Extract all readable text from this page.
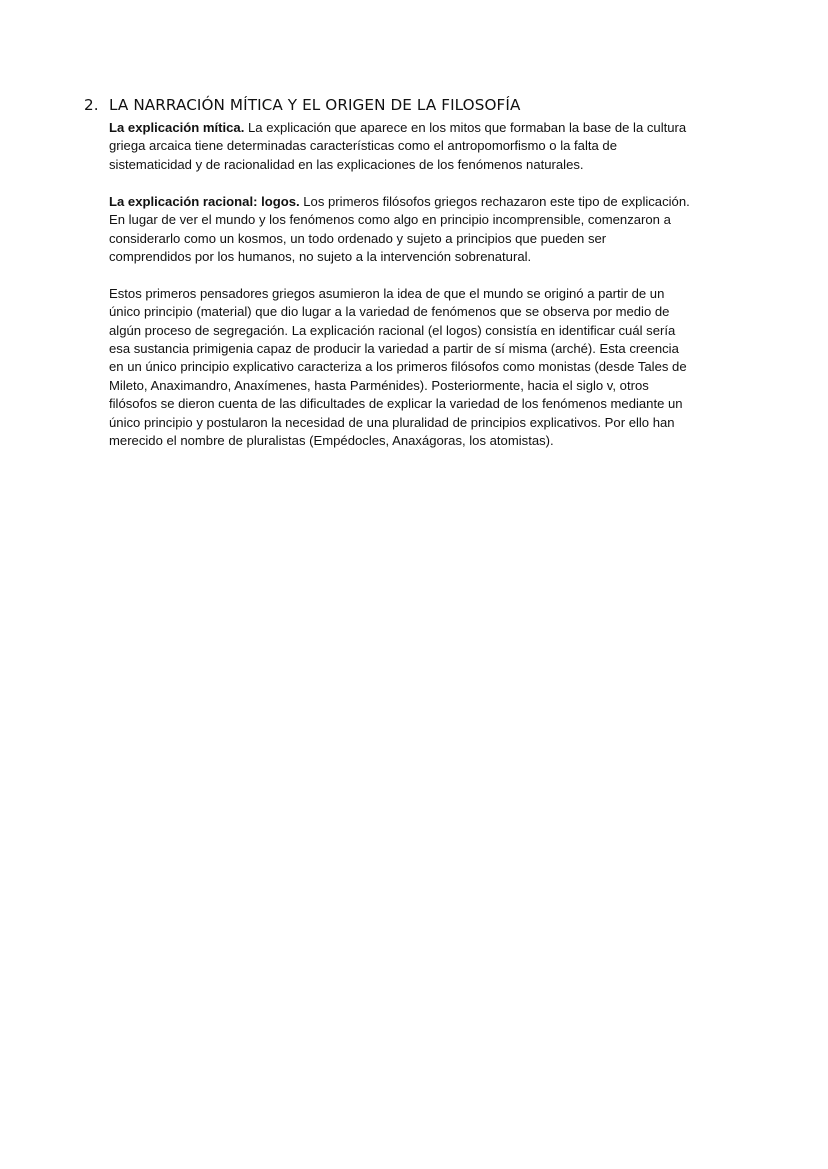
2. LA NARRACIÓN MÍTICA Y EL ORIGEN DE LA FILOSOFÍA

La explicación mítica. La explicación que aparece en los mitos que formaban la base de la cultura
griega arcaica tiene determinadas características como el antropomorfismo o la falta de
sistematicidad y de racionalidad en las explicaciones de los fenómenos naturales.

La explicación racional: logos. Los primeros filósofos griegos rechazaron este tipo de explicación.
En lugar de ver el mundo y los fenómenos como algo en principio incomprensible, comenzaron a
considerarlo como un kosmos, un todo ordenado y sujeto a principios que pueden ser
comprendidos por los humanos, no sujeto a la intervención sobrenatural.

Estos primeros pensadores griegos asumieron la idea de que el mundo se originó a partir de un
único principio (material) que dio lugar a la variedad de fenómenos que se observa por medio de
algún proceso de segregación. La explicación racional (el logos) consistía en identificar cuál sería
esa sustancia primigenia capaz de producir la variedad a partir de sí misma (arché). Esta creencia
en un único principio explicativo caracteriza a los primeros filósofos como monistas (desde Tales de
Mileto, Anaximandro, Anaxímenes, hasta Parménides). Posteriormente, hacia el siglo v, otros
filósofos se dieron cuenta de las dificultades de explicar la variedad de los fenómenos mediante un
único principio y postularon la necesidad de una pluralidad de principios explicativos. Por ello han
merecido el nombre de pluralistas (Empédocles, Anaxágoras, los atomistas).
